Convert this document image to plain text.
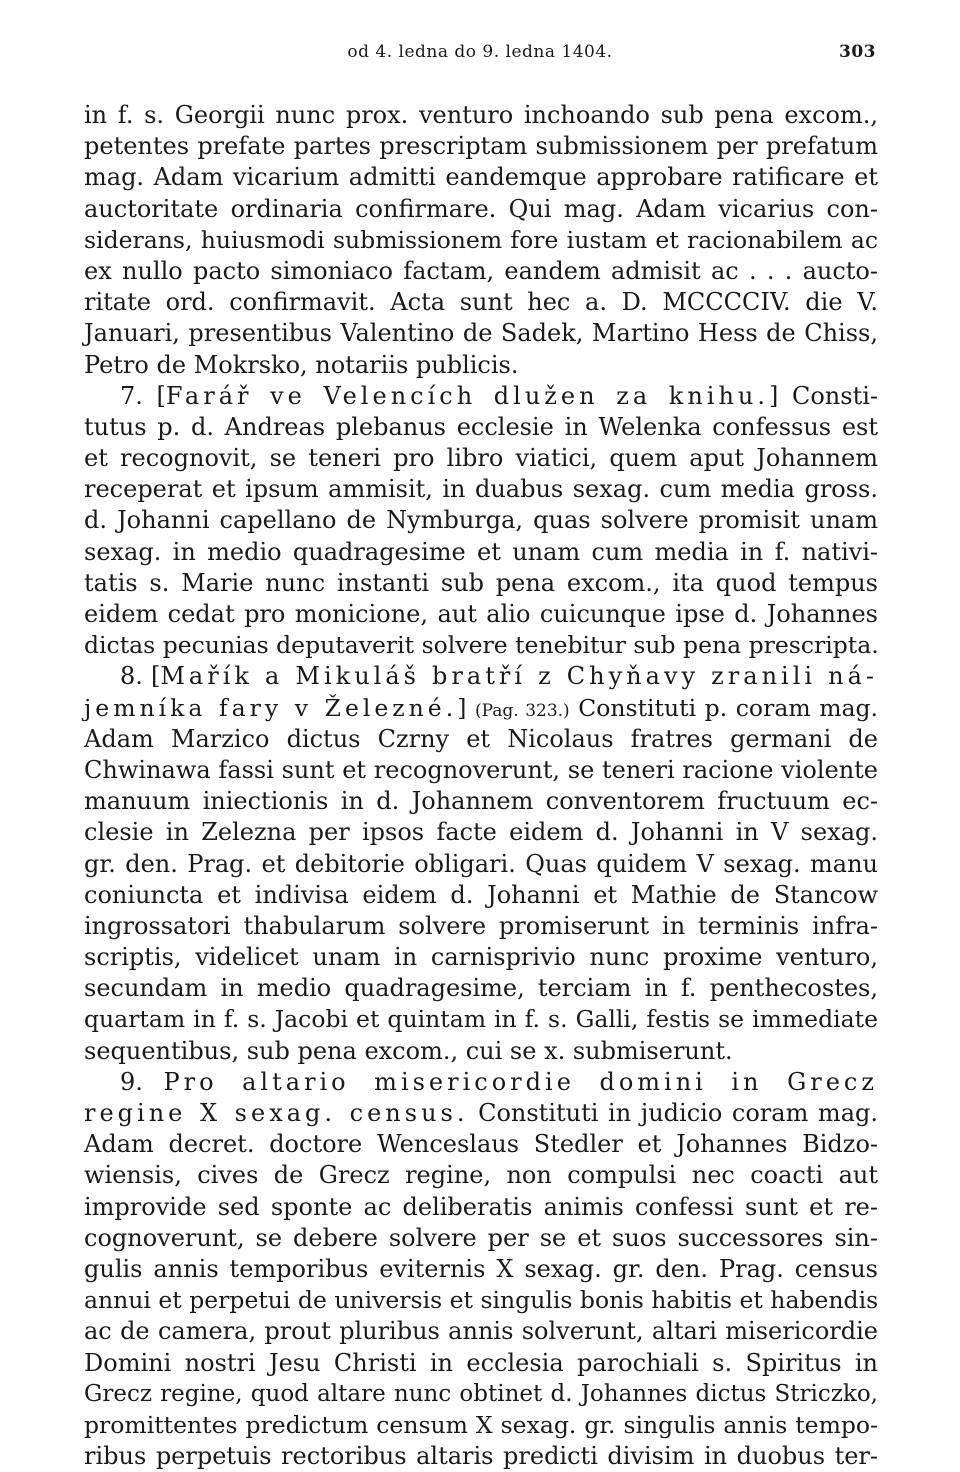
od 4. ledna do 9. ledna 1404.	303
in f. s. Georgii nunc prox. venturo inchoando sub pena excom.,
petentes prefate partes prescriptam submissionem per prefatum
mag. Adam vicarium admitti eandemque approbare ratificare et
auctoritate ordinaria confirmare. Qui mag. Adam vicarius con-
siderans, huiusmodi submissionem fore iustam et racionabilem ac
ex nullo pacto simoniaco factam, eandem admisit ac . . . aucto-
ritate ord. confirmavit. Acta sunt hec a. D. MCCCCIV. die V.
Januari, presentibus Valentino de Sadek, Martino Hess de Chiss,
Petro de Mokrsko, notariis publicis.
7. [Farář ve Velencích dlužen za knihu.] Consti-
tutus p. d. Andreas plebanus ecclesie in Welenka confessus est
et recognovit, se teneri pro libro viatici, quem aput Johannem
receperat et ipsum ammisit, in duabus sexag. cum media gross.
d. Johanni capellano de Nymburga, quas solvere promisit unam
sexag. in medio quadragesime et unam cum media in f. nativi-
tatis s. Marie nunc instanti sub pena excom., ita quod tempus
eidem cedat pro monicione, aut alio cuicunque ipse d. Johannes
dictas pecunias deputaverit solvere tenebitur sub pena prescripta.
8. [Mařík a Mikuláš bratří z Chyňavy zranili ná-
jemníka fary v Železné.] (Pag. 323.) Constituti p. coram mag.
Adam Marzico dictus Czrny et Nicolaus fratres germani de
Chwinawa fassi sunt et recognoverunt, se teneri racione violente
manuum iniectionis in d. Johannem conventorem fructuum ec-
clesie in Zelezna per ipsos facte eidem d. Johanni in V sexag.
gr. den. Prag. et debitorie obligari. Quas quidem V sexag. manu
coniuncta et indivisa eidem d. Johanni et Mathie de Stancow
ingrossatori thabularum solvere promiserunt in terminis infra-
scriptis, videlicet unam in carnisprivio nunc proxime venturo,
secundam in medio quadragesime, terciam in f. penthecostes,
quartam in f. s. Jacobi et quintam in f. s. Galli, festis se immediate
sequentibus, sub pena excom., cui se x. submiserunt.
9. Pro altario misericordie domini in Grecz
regine X sexag. census. Constituti in judicio coram mag.
Adam decret. doctore Wenceslaus Stedler et Johannes Bidzo-
wiensis, cives de Grecz regine, non compulsi nec coacti aut
improvide sed sponte ac deliberatis animis confessi sunt et re-
cognoverunt, se debere solvere per se et suos successores sin-
gulis annis temporibus eviternis X sexag. gr. den. Prag. census
annui et perpetui de universis et singulis bonis habitis et habendis
ac de camera, prout pluribus annis solverunt, altari misericordie
Domini nostri Jesu Christi in ecclesia parochiali s. Spiritus in
Grecz regine, quod altare nunc obtinet d. Johannes dictus Striczko,
promittentes predictum censum X sexag. gr. singulis annis tempo-
ribus perpetuis rectoribus altaris predicti divisim in duobus ter-
